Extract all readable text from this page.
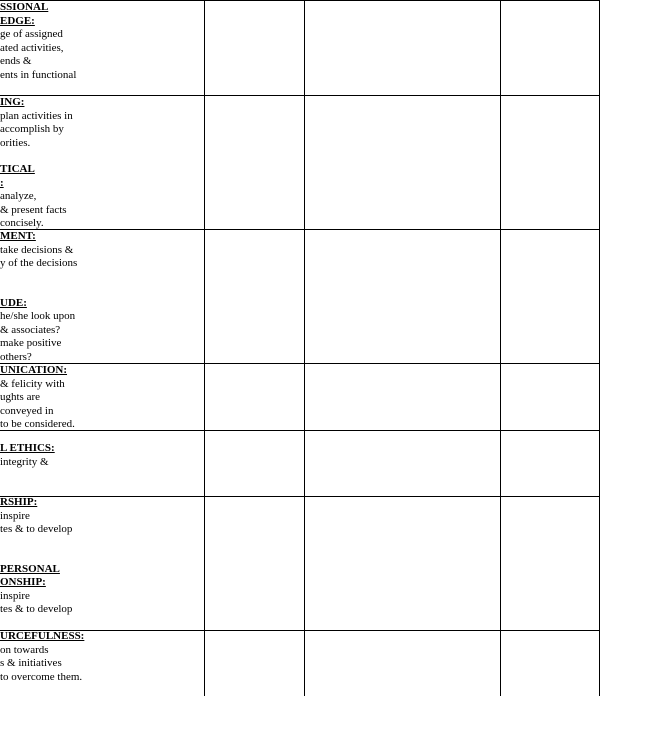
SSIONAL
EDGE:
ge of assigned
ated activities,
ends &
ents in functional
ING:
plan activities in
accomplish by
orities.
TICAL
:
analyze,
& present facts
concisely.
MENT:
take decisions &
y of the decisions
UDE:
he/she look upon
& associates?
make positive
others?
UNICATION:
& felicity with
ughts are
conveyed in
to be considered.
L ETHICS:
integrity &
RSHIP:
inspire
tes & to develop
PERSONAL
ONSHIP:
inspire
tes & to develop
URCEFULNESS:
on towards
s & initiatives
to overcome them.
